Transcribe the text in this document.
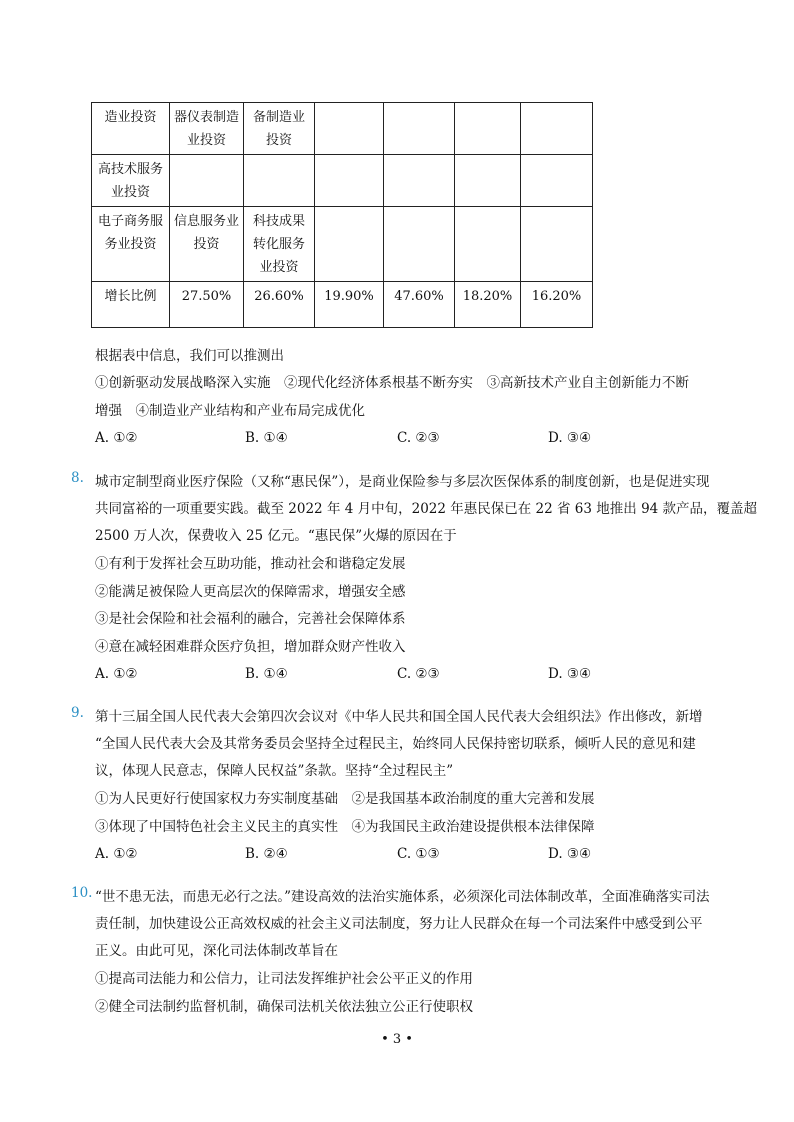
造业投资	器仪表制造业投资	备制造业投资				
高技术服务业投资						
电子商务服务业投资	信息服务业投资	科技成果转化服务业投资				
增长比例	27.50%	26.60%	19.90%	47.60%	18.20%	16.20%
根据表中信息，我们可以推测出
①创新驱动发展战略深入实施　②现代化经济体系根基不断夯实　③高新技术产业自主创新能力不断
增强　④制造业产业结构和产业布局完成优化
A. ①②	B. ①④	C. ②③	D. ③④
8. 城市定制型商业医疗保险（又称“惠民保”），是商业保险参与多层次医保体系的制度创新，也是促进实现
共同富裕的一项重要实践。截至 2022 年 4 月中旬，2022 年惠民保已在 22 省 63 地推出 94 款产品，覆盖超
2500 万人次，保费收入 25 亿元。“惠民保”火爆的原因在于
①有利于发挥社会互助功能，推动社会和谐稳定发展
②能满足被保险人更高层次的保障需求，增强安全感
③是社会保险和社会福利的融合，完善社会保障体系
④意在减轻困难群众医疗负担，增加群众财产性收入
A. ①②	B. ①④	C. ②③	D. ③④
9. 第十三届全国人民代表大会第四次会议对《中华人民共和国全国人民代表大会组织法》作出修改，新增
“全国人民代表大会及其常务委员会坚持全过程民主，始终同人民保持密切联系，倾听人民的意见和建
议，体现人民意志，保障人民权益”条款。坚持“全过程民主”
①为人民更好行使国家权力夯实制度基础　②是我国基本政治制度的重大完善和发展
③体现了中国特色社会主义民主的真实性　④为我国民主政治建设提供根本法律保障
A. ①②	B. ②④	C. ①③	D. ③④
10. “世不患无法，而患无必行之法。”建设高效的法治实施体系，必须深化司法体制改革，全面准确落实司法
责任制，加快建设公正高效权威的社会主义司法制度，努力让人民群众在每一个司法案件中感受到公平
正义。由此可见，深化司法体制改革旨在
①提高司法能力和公信力，让司法发挥维护社会公平正义的作用
②健全司法制约监督机制，确保司法机关依法独立公正行使职权
• 3 •
